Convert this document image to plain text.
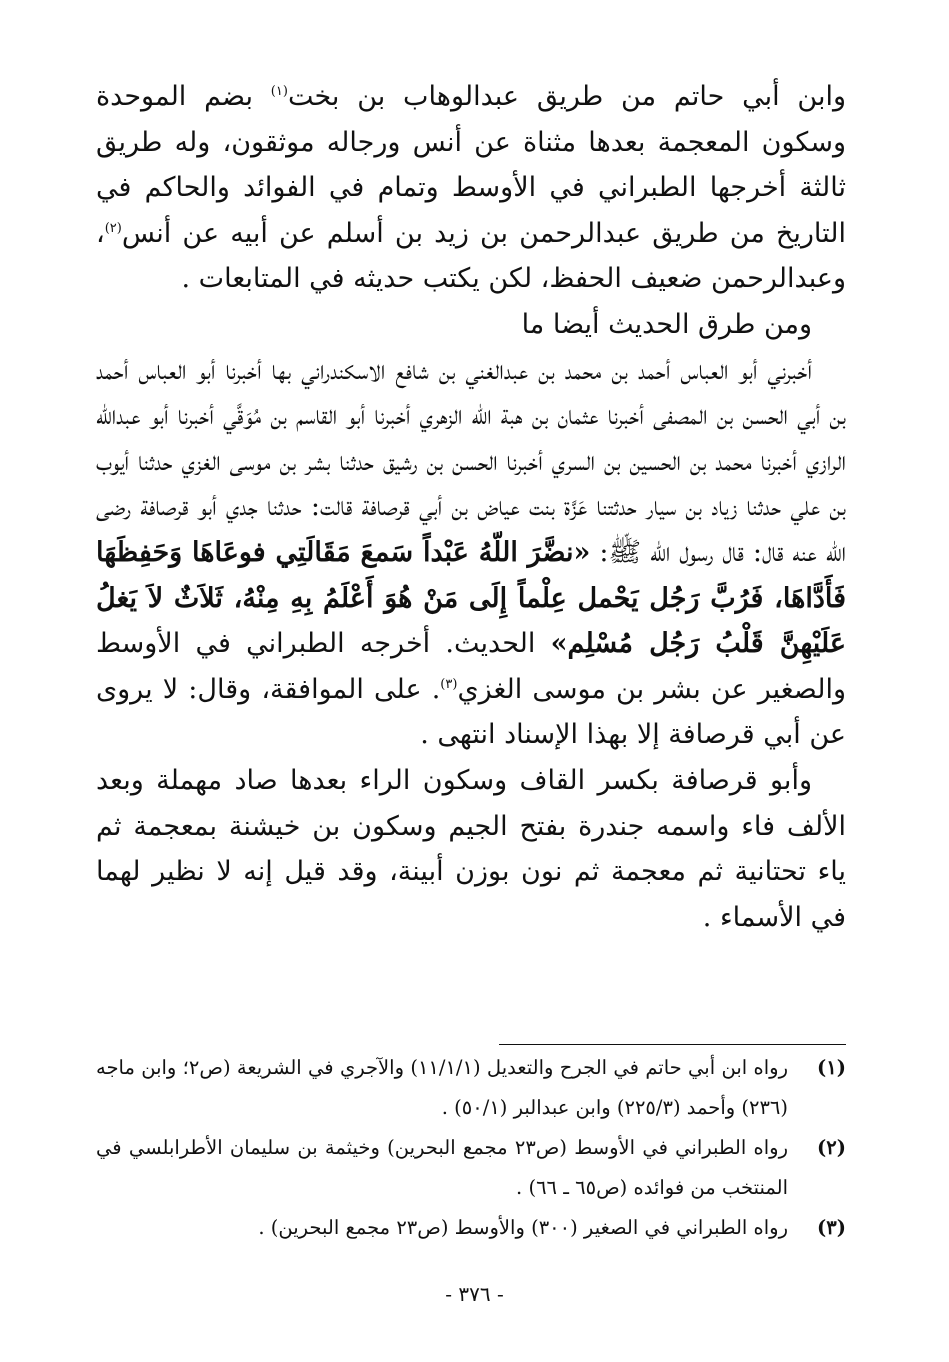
وابن أبي حاتم من طريق عبدالوهاب بن بخت$^{(١)}$ بضم الموحدة وسكون المعجمة بعدها مثناة عن أنس ورجاله موثقون، وله طريق ثالثة أخرجها الطبراني في الأوسط وتمام في الفوائد والحاكم في التاريخ من طريق عبدالرحمن بن زيد بن أسلم عن أبيه عن أنس$^{(٢)}$، وعبدالرحمن ضعيف الحفظ، لكن يكتب حديثه في المتابعات .

ومن طرق الحديث أيضا ما

أخبرني أبو العباس أحمد بن محمد بن عبدالغني بن شافع الاسكندراني بها أخبرنا أبو العباس أحمد بن أبي الحسن بن المصفى أخبرنا عثمان بن هبة الله الزهري أخبرنا أبو القاسم بن مُوَقَّي أخبرنا أبو عبدالله الرازي أخبرنا محمد بن الحسين بن السري أخبرنا الحسن بن رشيق حدثنا بشر بن موسى الغزي حدثنا أيوب بن علي حدثنا زياد بن سيار حدثتنا عَزَّة بنت عياض بن أبي قرصافة قالت: حدثنا جدي أبو قرصافة رضى الله عنه قال: قال رسول الله ﷺ: «نضَّرَ اللّهُ عَبْداً سَمعَ مَقَالَتِي فوعَاهَا وَحَفِظَهَا فَأَدَّاهَا، فَرُبَّ رَجُل يَحْمل عِلْماً إِلَى مَنْ هُوَ أَعْلَمُ بِهِ مِنْهُ، ثَلاَثٌ لاَ يَغلُ عَلَيْهِنَّ قَلْبُ رَجُل مُسْلِم» الحديث. أخرجه الطبراني في الأوسط والصغير عن بشر بن موسى الغزي$^{(٣)}$. على الموافقة، وقال: لا يروى عن أبي قرصافة إلا بهذا الإسناد انتهى .

وأبو قرصافة بكسر القاف وسكون الراء بعدها صاد مهملة وبعد الألف فاء واسمه جندرة بفتح الجيم وسكون بن خيشنة بمعجمة ثم ياء تحتانية ثم معجمة ثم نون بوزن أبينة، وقد قيل إنه لا نظير لهما في الأسماء .

(١)
رواه ابن أبي حاتم في الجرح والتعديل (١١/١/١) والآجري في الشريعة (ص٢؛ وابن ماجه (٢٣٦) وأحمد (٢٢٥/٣) وابن عبدالبر (٥٠/١) .
(٢)
رواه الطبراني في الأوسط (ص٢٣ مجمع البحرين) وخيثمة بن سليمان الأطرابلسي في المنتخب من فوائده (ص٦٥ ـ ٦٦) .
(٣)
رواه الطبراني في الصغير (٣٠٠) والأوسط (ص٢٣ مجمع البحرين) .
- ٣٧٦ -
